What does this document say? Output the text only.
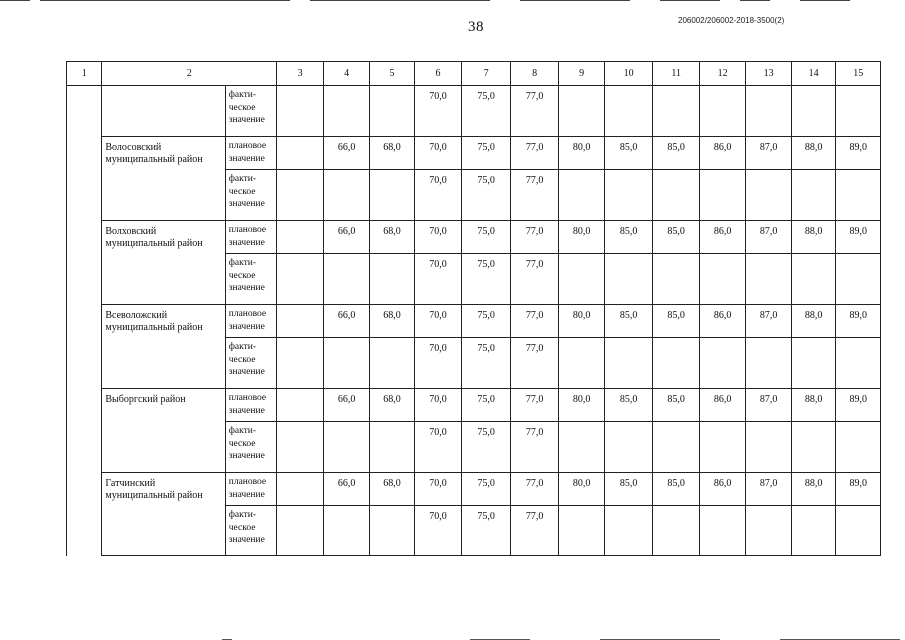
38	206002/206002-2018-3500(2)
1	2		3	4	5	6	7	8	9	10	11	12	13	14	15
		факти-
ческое
значение				70,0	75,0	77,0							
	Волосовский
муниципальный район	плановое
значение		66,0	68,0	70,0	75,0	77,0	80,0	85,0	85,0	86,0	87,0	88,0	89,0
		факти-
ческое
значение				70,0	75,0	77,0							
	Волховский
муниципальный район	плановое
значение		66,0	68,0	70,0	75,0	77,0	80,0	85,0	85,0	86,0	87,0	88,0	89,0
		факти-
ческое
значение				70,0	75,0	77,0							
	Всеволожский
муниципальный район	плановое
значение		66,0	68,0	70,0	75,0	77,0	80,0	85,0	85,0	86,0	87,0	88,0	89,0
		факти-
ческое
значение				70,0	75,0	77,0							
	Выборгский район	плановое
значение		66,0	68,0	70,0	75,0	77,0	80,0	85,0	85,0	86,0	87,0	88,0	89,0
		факти-
ческое
значение				70,0	75,0	77,0							
	Гатчинский
муниципальный район	плановое
значение		66,0	68,0	70,0	75,0	77,0	80,0	85,0	85,0	86,0	87,0	88,0	89,0
		факти-
ческое
значение				70,0	75,0	77,0							
